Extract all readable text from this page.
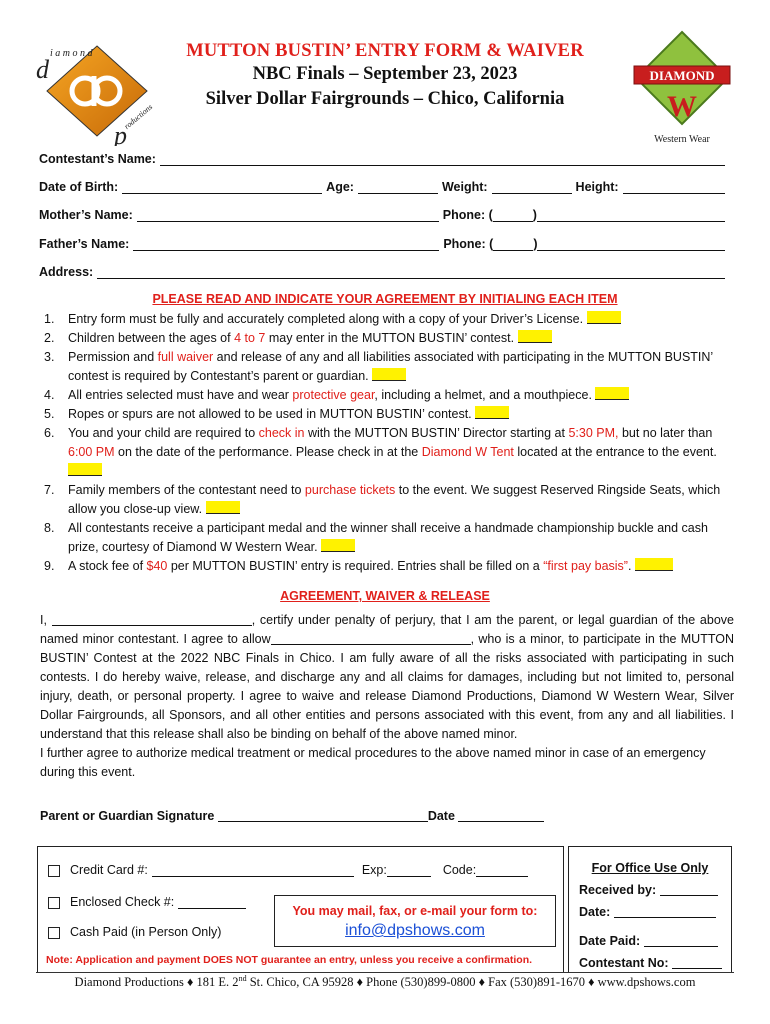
d
i a m o n d
p
roductions
DIAMOND
W
Western Wear
MUTTON BUSTIN’ ENTRY FORM & WAIVER
NBC Finals – September 23, 2023
Silver Dollar Fairgrounds – Chico, California
Contestant’s Name:
Date of Birth:	Age:	Weight:	Height:
Mother’s Name:	Phone: (	)
Father’s Name:	Phone: (	)
Address:
PLEASE READ AND INDICATE YOUR AGREEMENT BY INITIALING EACH ITEM
1. Entry form must be fully and accurately completed along with a copy of your Driver’s License.
2. Children between the ages of 4 to 7 may enter in the MUTTON BUSTIN’ contest.
3. Permission and full waiver and release of any and all liabilities associated with participating in the MUTTON BUSTIN’ contest is required by Contestant’s parent or guardian.
4. All entries selected must have and wear protective gear, including a helmet, and a mouthpiece.
5. Ropes or spurs are not allowed to be used in MUTTON BUSTIN’ contest.
6. You and your child are required to check in with the MUTTON BUSTIN’ Director starting at 5:30 PM, but no later than 6:00 PM on the date of the performance. Please check in at the Diamond W Tent located at the entrance to the event.
7. Family members of the contestant need to purchase tickets to the event. We suggest Reserved Ringside Seats, which allow you close-up view.
8. All contestants receive a participant medal and the winner shall receive a handmade championship buckle and cash prize, courtesy of Diamond W Western Wear.
9. A stock fee of $40 per MUTTON BUSTIN’ entry is required. Entries shall be filled on a “first pay basis”.
AGREEMENT, WAIVER & RELEASE

I,	, certify under penalty of perjury, that I am the parent, or legal guardian of the above named minor contestant. I agree to allow	, who is a minor, to participate in the MUTTON BUSTIN’ Contest at the 2022 NBC Finals in Chico. I am fully aware of all the risks associated with participating in such contests. I do hereby waive, release, and discharge any and all claims for damages, including but not limited to, personal injury, death, or personal property. I agree to waive and release Diamond Productions, Diamond W Western Wear, Silver Dollar Fairgrounds, all Sponsors, and all other entities and persons associated with this event, from any and all liabilities. I understand that this release shall also be binding on behalf of the above named minor.

I further agree to authorize medical treatment or medical procedures to the above named minor in case of an emergency during this event.

Parent or Guardian Signature	Date
Credit Card #:	Exp:	Code:
Enclosed Check #:
Cash Paid (in Person Only)
You may mail, fax, or e-mail your form to:
info@dpshows.com
Note: Application and payment DOES NOT guarantee an entry, unless you receive a confirmation.
For Office Use Only
Received by:
Date:
Date Paid:
Contestant No:
Diamond Productions ♦ 181 E. 2nd St. Chico, CA 95928 ♦ Phone (530)899-0800 ♦ Fax (530)891-1670 ♦ www.dpshows.com
